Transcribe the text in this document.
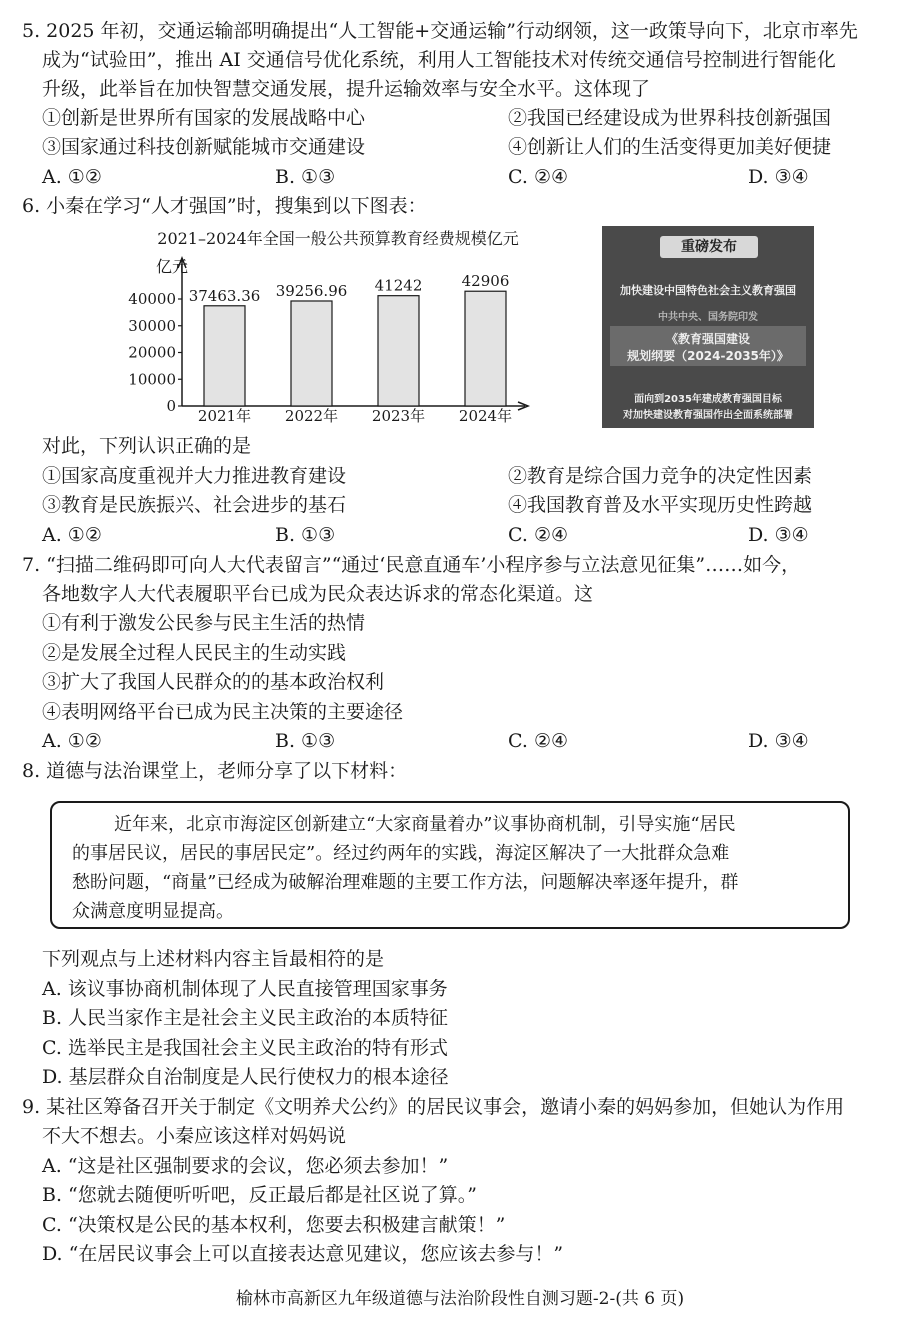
5. 2025 年初，交通运输部明确提出“人工智能+交通运输”行动纲领，这一政策导向下，北京市率先
成为“试验田”，推出 AI 交通信号优化系统，利用人工智能技术对传统交通信号控制进行智能化
升级，此举旨在加快智慧交通发展，提升运输效率与安全水平。这体现了
①创新是世界所有国家的发展战略中心	②我国已经建设成为世界科技创新强国
③国家通过科技创新赋能城市交通建设	④创新让人们的生活变得更加美好便捷
A. ①②	B. ①③	C. ②④	D. ③④
6. 小秦在学习“人才强国”时，搜集到以下图表：
2021–2024年全国一般公共预算教育经费规模亿元
亿元
0
10000
20000
30000
40000 37463.36
2021年
39256.96
2022年
41242
2023年
42906
2024年
重磅发布
加快建设中国特色社会主义教育强国
中共中央、国务院印发
《教育强国建设
规划纲要（2024-2035年）》
面向到2035年建成教育强国目标
对加快建设教育强国作出全面系统部署
对此，下列认识正确的是
①国家高度重视并大力推进教育建设	②教育是综合国力竞争的决定性因素
③教育是民族振兴、社会进步的基石	④我国教育普及水平实现历史性跨越
A. ①②	B. ①③	C. ②④	D. ③④
7. “扫描二维码即可向人大代表留言”“通过‘民意直通车’小程序参与立法意见征集”……如今，
各地数字人大代表履职平台已成为民众表达诉求的常态化渠道。这
①有利于激发公民参与民主生活的热情
②是发展全过程人民民主的生动实践
③扩大了我国人民群众的的基本政治权利
④表明网络平台已成为民主决策的主要途径
A. ①②	B. ①③	C. ②④	D. ③④
8. 道德与法治课堂上，老师分享了以下材料：
近年来，北京市海淀区创新建立“大家商量着办”议事协商机制，引导实施“居民
的事居民议，居民的事居民定”。经过约两年的实践，海淀区解决了一大批群众急难
愁盼问题，“商量”已经成为破解治理难题的主要工作方法，问题解决率逐年提升，群
众满意度明显提高。
下列观点与上述材料内容主旨最相符的是
A. 该议事协商机制体现了人民直接管理国家事务
B. 人民当家作主是社会主义民主政治的本质特征
C. 选举民主是我国社会主义民主政治的特有形式
D. 基层群众自治制度是人民行使权力的根本途径
9. 某社区筹备召开关于制定《文明养犬公约》的居民议事会，邀请小秦的妈妈参加，但她认为作用
不大不想去。小秦应该这样对妈妈说
A. “这是社区强制要求的会议，您必须去参加！”
B. “您就去随便听听吧，反正最后都是社区说了算。”
C. “决策权是公民的基本权利，您要去积极建言献策！”
D. “在居民议事会上可以直接表达意见建议，您应该去参与！”
榆林市高新区九年级道德与法治阶段性自测习题-2-(共 6 页)
